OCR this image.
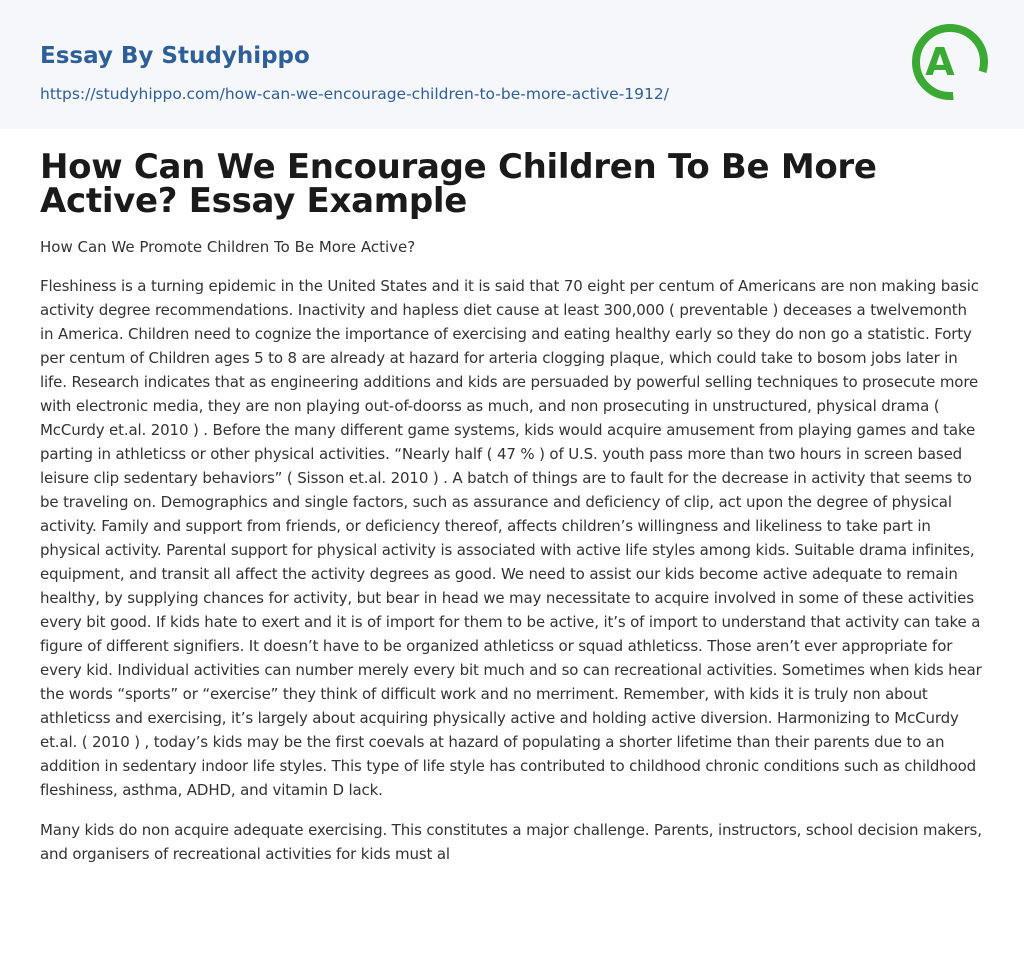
Essay By Studyhippo
https://studyhippo.com/how-can-we-encourage-children-to-be-more-active-1912/
A
How Can We Encourage Children To Be More Active? Essay Example

How Can We Promote Children To Be More Active?

Fleshiness is a turning epidemic in the United States and it is said that 70 eight per centum of Americans are non making basic activity degree recommendations. Inactivity and hapless diet cause at least 300,000 ( preventable ) deceases a twelvemonth in America. Children need to cognize the importance of exercising and eating healthy early so they do non go a statistic. Forty per centum of Children ages 5 to 8 are already at hazard for arteria clogging plaque, which could take to bosom jobs later in life. Research indicates that as engineering additions and kids are persuaded by powerful selling techniques to prosecute more with electronic media, they are non playing out-of-doorss as much, and non prosecuting in unstructured, physical drama ( McCurdy et.al. 2010 ) . Before the many different game systems, kids would acquire amusement from playing games and take parting in athleticss or other physical activities. “Nearly half ( 47 % ) of U.S. youth pass more than two hours in screen based leisure clip sedentary behaviors” ( Sisson et.al. 2010 ) . A batch of things are to fault for the decrease in activity that seems to be traveling on. Demographics and single factors, such as assurance and deficiency of clip, act upon the degree of physical activity. Family and support from friends, or deficiency thereof, affects children’s willingness and likeliness to take part in physical activity. Parental support for physical activity is associated with active life styles among kids. Suitable drama infinites, equipment, and transit all affect the activity degrees as good. We need to assist our kids become active adequate to remain healthy, by supplying chances for activity, but bear in head we may necessitate to acquire involved in some of these activities every bit good. If kids hate to exert and it is of import for them to be active, it’s of import to understand that activity can take a figure of different signifiers. It doesn’t have to be organized athleticss or squad athleticss. Those aren’t ever appropriate for every kid. Individual activities can number merely every bit much and so can recreational activities. Sometimes when kids hear the words “sports” or “exercise” they think of difficult work and no merriment. Remember, with kids it is truly non about athleticss and exercising, it’s largely about acquiring physically active and holding active diversion. Harmonizing to McCurdy et.al. ( 2010 ) , today’s kids may be the first coevals at hazard of populating a shorter lifetime than their parents due to an addition in sedentary indoor life styles. This type of life style has contributed to childhood chronic conditions such as childhood fleshiness, asthma, ADHD, and vitamin D lack.

Many kids do non acquire adequate exercising. This constitutes a major challenge. Parents, instructors, school decision makers, and organisers of recreational activities for kids must al
